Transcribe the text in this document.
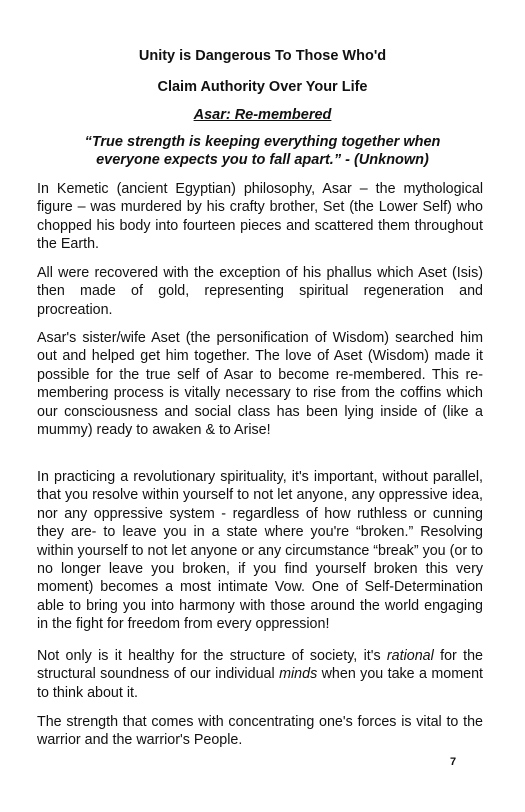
Unity is Dangerous To Those Who'd
Claim Authority Over Your Life
Asar: Re-membered
“True strength is keeping everything together when everyone expects you to fall apart.” - (Unknown)

In Kemetic (ancient Egyptian) philosophy, Asar – the mythological figure – was murdered by his crafty brother, Set (the Lower Self) who chopped his body into fourteen pieces and scattered them throughout the Earth.

All were recovered with the exception of his phallus which Aset (Isis) then made of gold, representing spiritual regeneration and procreation.

Asar's sister/wife Aset (the personification of Wisdom) searched him out and helped get him together. The love of Aset (Wisdom) made it possible for the true self of Asar to become re-membered. This re-membering process is vitally necessary to rise from the coffins which our consciousness and social class has been lying inside of (like a mummy) ready to awaken & to Arise!

In practicing a revolutionary spirituality, it's important, without parallel, that you resolve within yourself to not let anyone, any oppressive idea, nor any oppressive system - regardless of how ruthless or cunning they are- to leave you in a state where you're “broken.” Resolving within yourself to not let anyone or any circumstance “break” you (or to no longer leave you broken, if you find yourself broken this very moment) becomes a most intimate Vow. One of Self-Determination able to bring you into harmony with those around the world engaging in the fight for freedom from every oppression!

Not only is it healthy for the structure of society, it's rational for the structural soundness of our individual minds when you take a moment to think about it.

The strength that comes with concentrating one's forces is vital to the warrior and the warrior's People.

7
